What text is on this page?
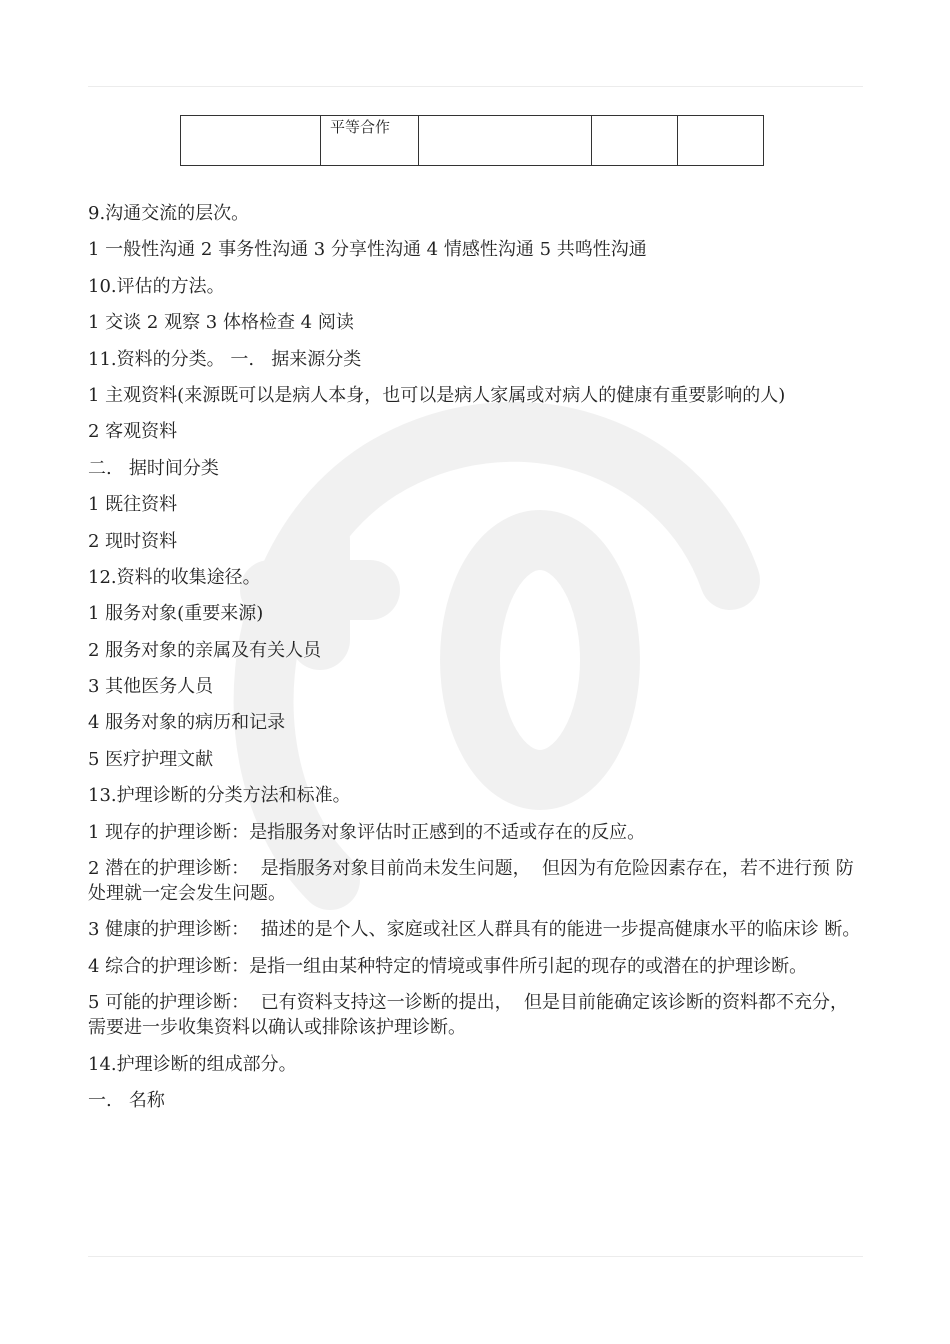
平等合作

9.沟通交流的层次。

1 一般性沟通 2 事务性沟通 3 分享性沟通 4 情感性沟通 5 共鸣性沟通

10.评估的方法。

1 交谈 2 观察 3 体格检查 4 阅读

11.资料的分类。 一.   据来源分类

1 主观资料(来源既可以是病人本身，也可以是病人家属或对病人的健康有重要影响的人)

2 客观资料

二.   据时间分类

1 既往资料

2 现时资料

12.资料的收集途径。

1 服务对象(重要来源)

2 服务对象的亲属及有关人员

3 其他医务人员

4 服务对象的病历和记录

5 医疗护理文献

13.护理诊断的分类方法和标准。

1 现存的护理诊断：是指服务对象评估时正感到的不适或存在的反应。

2 潜在的护理诊断：  是指服务对象目前尚未发生问题，  但因为有危险因素存在，若不进行预 防处理就一定会发生问题。

3 健康的护理诊断：  描述的是个人、家庭或社区人群具有的能进一步提高健康水平的临床诊 断。

4 综合的护理诊断：是指一组由某种特定的情境或事件所引起的现存的或潜在的护理诊断。

5 可能的护理诊断：  已有资料支持这一诊断的提出，  但是目前能确定该诊断的资料都不充分，  需要进一步收集资料以确认或排除该护理诊断。

14.护理诊断的组成部分。

一.   名称
